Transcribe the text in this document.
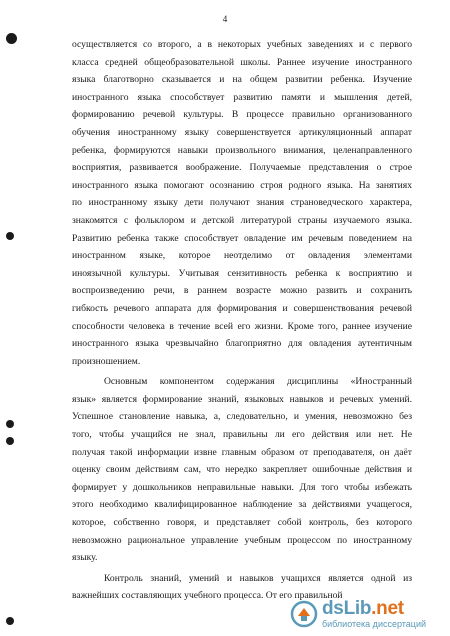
4
осуществляется со второго, а в некоторых учебных заведениях и с первого
класса средней общеобразовательной школы. Раннее изучение иностранного
языка благотворно сказывается и на общем развитии ребенка. Изучение
иностранного языка способствует развитию памяти и мышления детей,
формированию речевой культуры. В процессе правильно организованного
обучения иностранному языку совершенствуется артикуляционный аппарат
ребенка, формируются навыки произвольного внимания, целенаправленного
восприятия, развивается воображение. Получаемые представления о строе
иностранного языка помогают осознанию строя родного языка. На занятиях
по иностранному языку дети получают знания страноведческого характера,
знакомятся с фольклором и детской литературой страны изучаемого языка.
Развитию ребенка также способствует овладение им речевым поведением на
иностранном языке, которое неотделимо от овладения элементами
иноязычной культуры. Учитывая сензитивность ребенка к восприятию и
воспроизведению речи, в раннем возрасте можно развить и сохранить
гибкость речевого аппарата для формирования и совершенствования речевой
способности человека в течение всей его жизни. Кроме того, раннее изучение
иностранного языка чрезвычайно благоприятно для овладения аутентичным
произношением.
Основным компонентом содержания дисциплины «Иностранный
язык» является формирование знаний, языковых навыков и речевых умений.
Успешное становление навыка, а, следовательно, и умения, невозможно без
того, чтобы учащийся не знал, правильны ли его действия или нет. Не
получая такой информации извне главным образом от преподавателя, он даёт
оценку своим действиям сам, что нередко закрепляет ошибочные действия и
формирует у дошкольников неправильные навыки. Для того чтобы избежать
этого необходимо квалифицированное наблюдение за действиями учащегося,
которое, собственно говоря, и представляет собой контроль, без которого
невозможно рациональное управление учебным процессом по иностранному
языку.
Контроль знаний, умений и навыков учащихся является одной из
важнейших составляющих учебного процесса. От его правильной
dsLib.net
библиотека диссертаций
